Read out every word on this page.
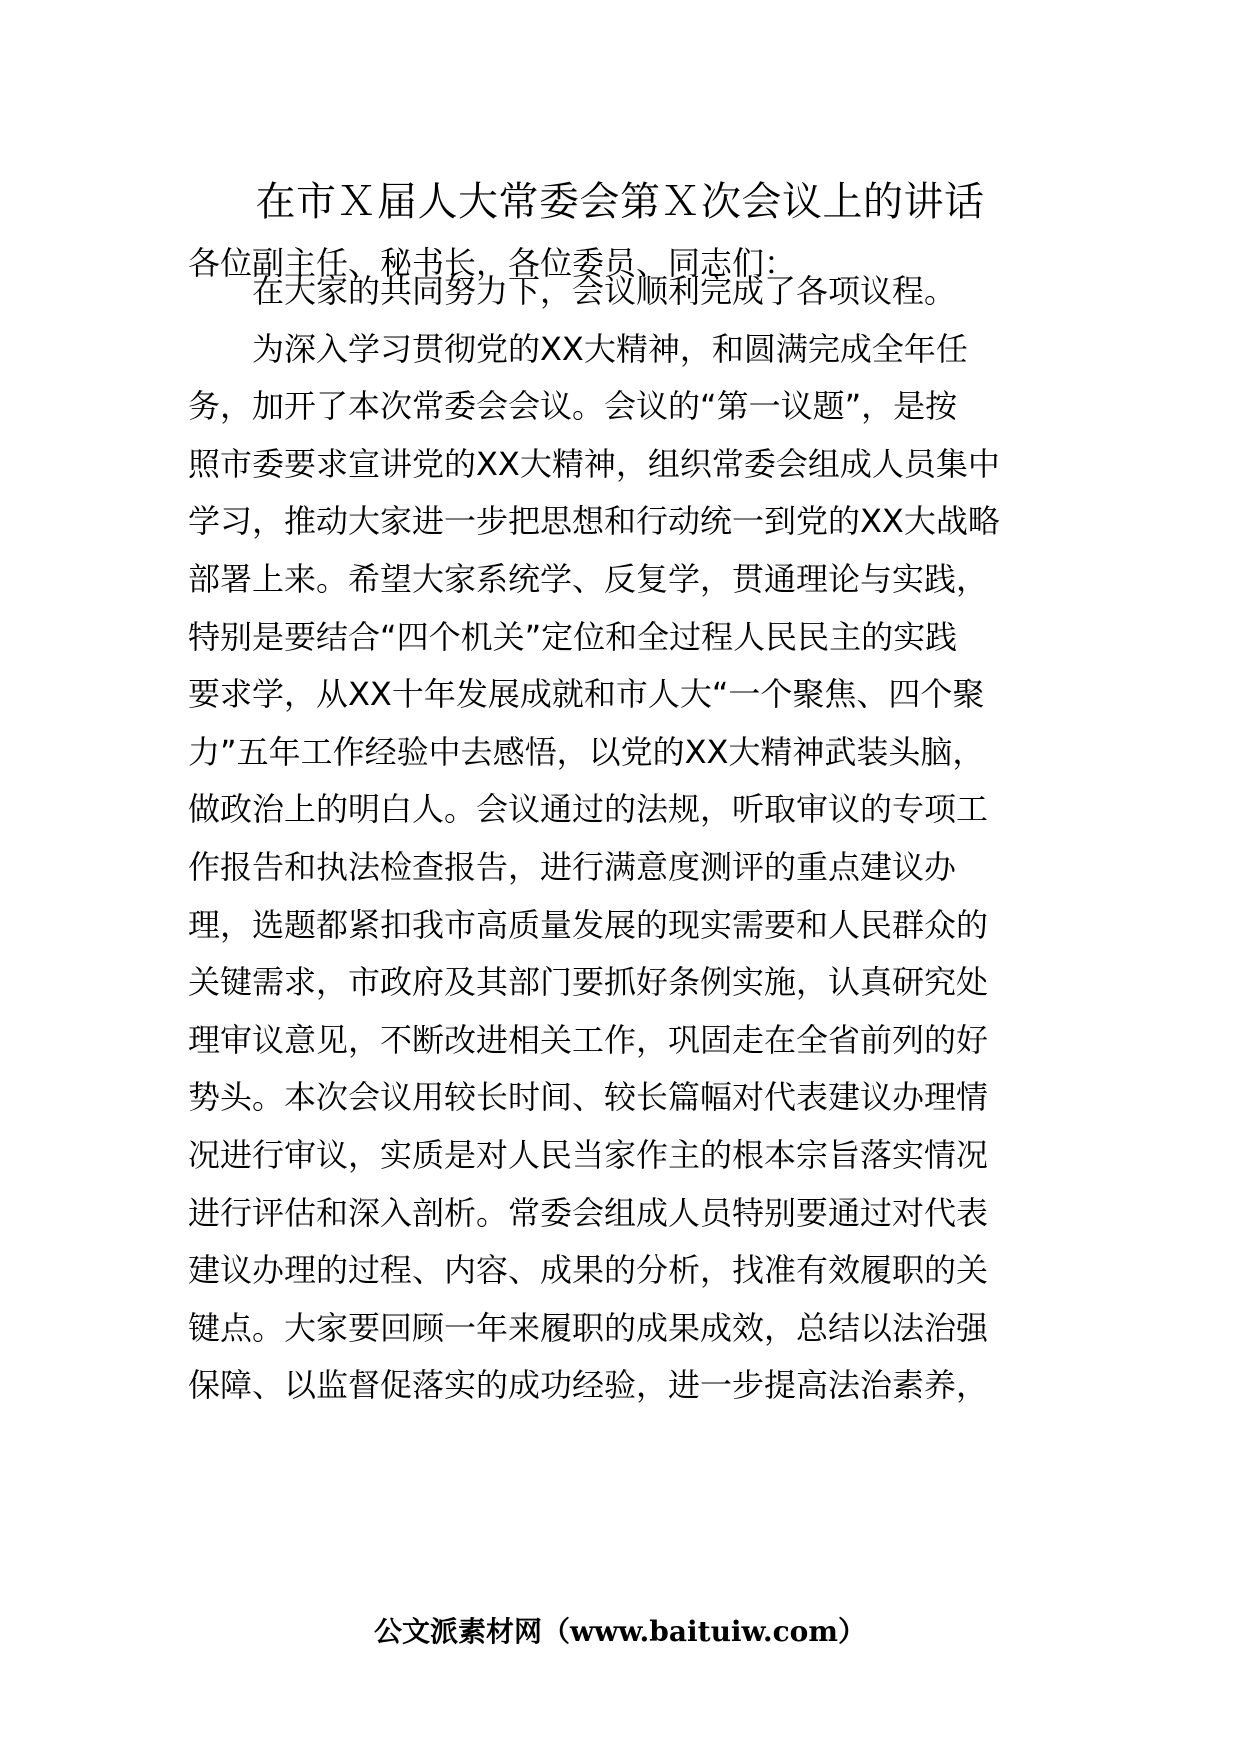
在市Ｘ届人大常委会第Ｘ次会议上的讲话

各位副主任、秘书长，各位委员、同志们：

在大家的共同努力下，会议顺利完成了各项议程。
为深入学习贯彻党的XX大精神，和圆满完成全年任
务，加开了本次常委会会议。会议的“第一议题”，是按
照市委要求宣讲党的XX大精神，组织常委会组成人员集中
学习，推动大家进一步把思想和行动统一到党的XX大战略
部署上来。希望大家系统学、反复学，贯通理论与实践，
特别是要结合“四个机关”定位和全过程人民民主的实践
要求学，从XX十年发展成就和市人大“一个聚焦、四个聚
力”五年工作经验中去感悟，以党的XX大精神武装头脑，
做政治上的明白人。会议通过的法规，听取审议的专项工
作报告和执法检查报告，进行满意度测评的重点建议办
理，选题都紧扣我市高质量发展的现实需要和人民群众的
关键需求，市政府及其部门要抓好条例实施，认真研究处
理审议意见，不断改进相关工作，巩固走在全省前列的好
势头。本次会议用较长时间、较长篇幅对代表建议办理情
况进行审议，实质是对人民当家作主的根本宗旨落实情况
进行评估和深入剖析。常委会组成人员特别要通过对代表
建议办理的过程、内容、成果的分析，找准有效履职的关
键点。大家要回顾一年来履职的成果成效，总结以法治强
保障、以监督促落实的成功经验，进一步提高法治素养，
公文派素材网（www.baituiw.com）
